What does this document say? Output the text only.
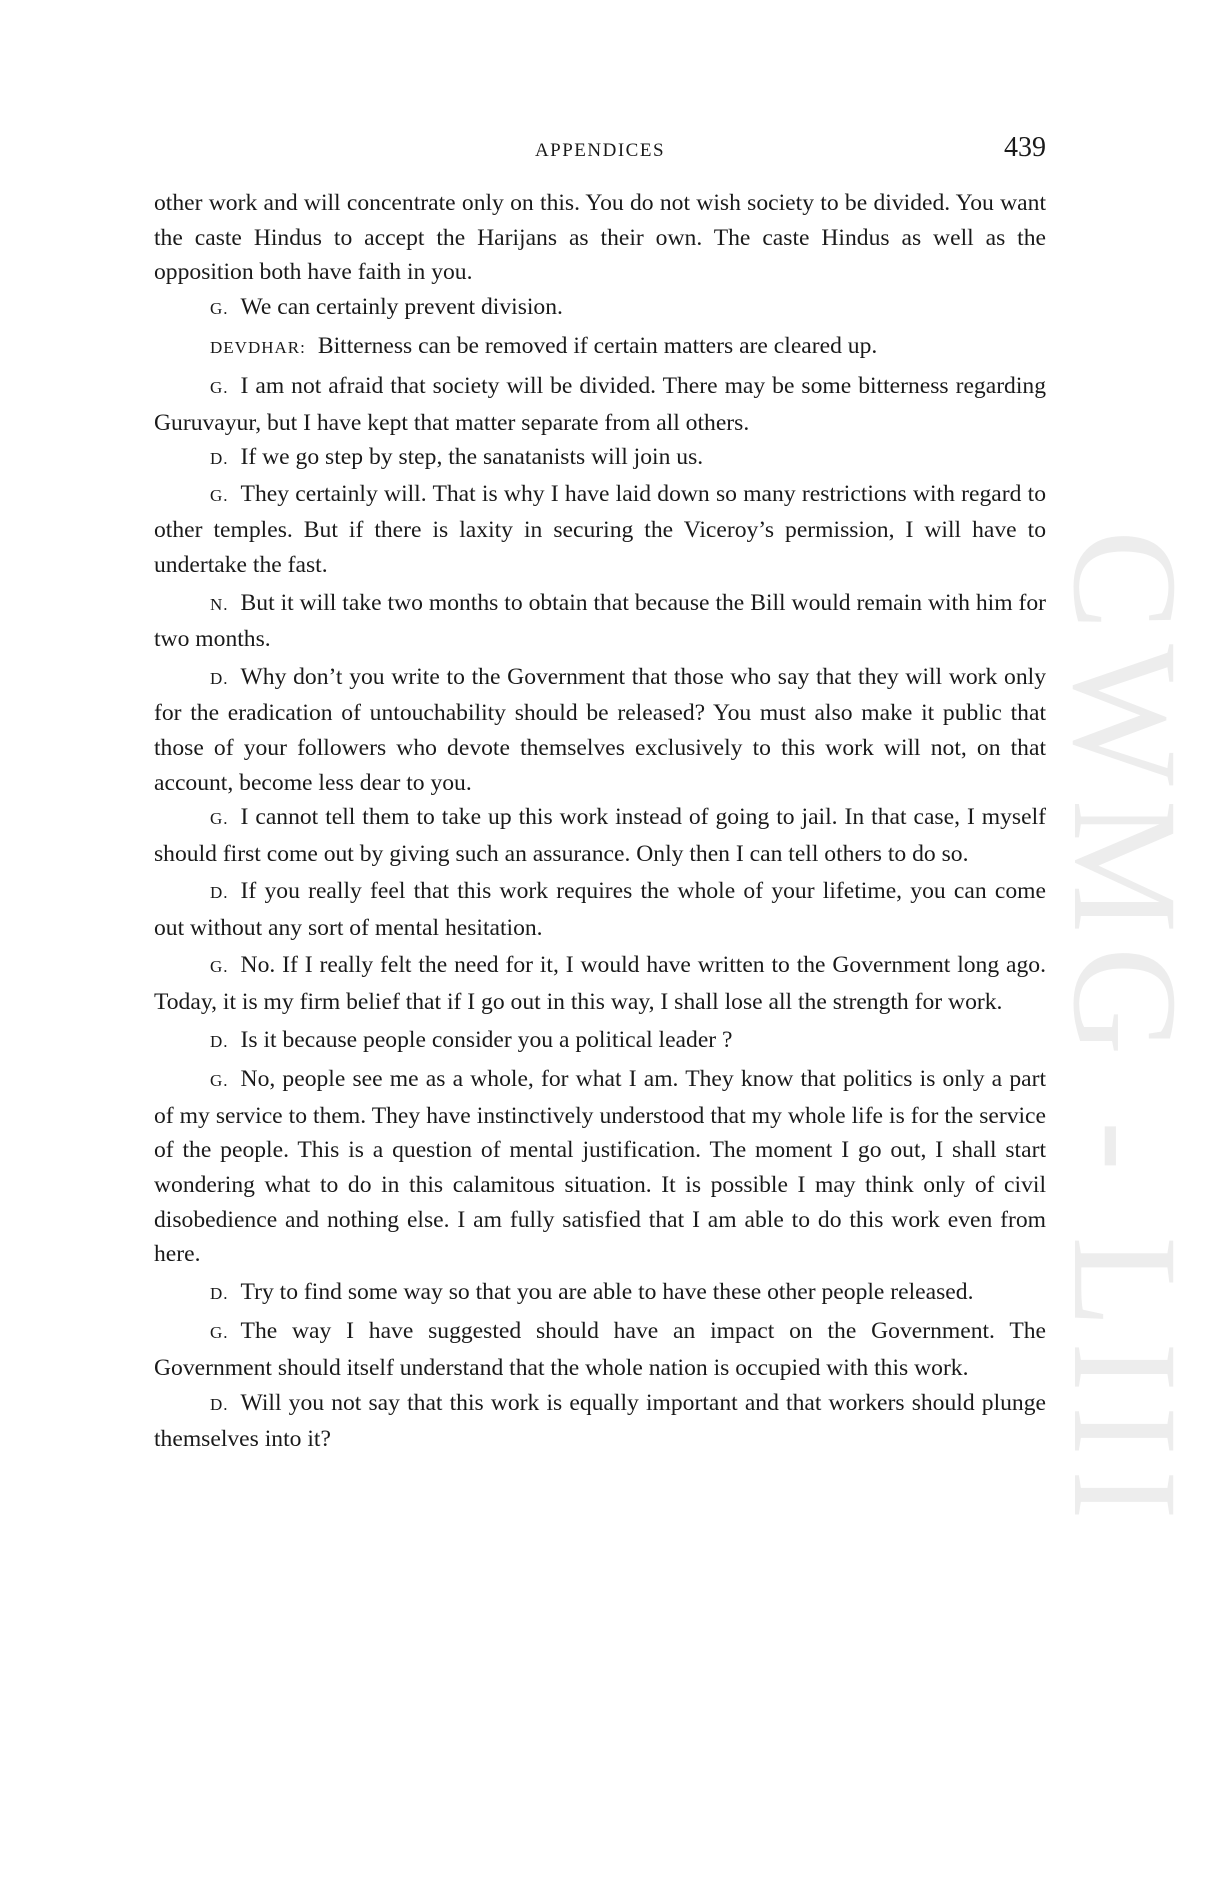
CWMG - LIII
APPENDICES	439

other work and will concentrate only on this. You do not wish society to be divided. You want the caste Hindus to accept the Harijans as their own. The caste Hindus as well as the opposition both have faith in you.

G. We can certainly prevent division.

DEVDHAR: Bitterness can be removed if certain matters are cleared up.

G. I am not afraid that society will be divided. There may be some bitterness regarding Guruvayur, but I have kept that matter separate from all others.

D. If we go step by step, the sanatanists will join us.

G. They certainly will. That is why I have laid down so many restrictions with regard to other temples. But if there is laxity in securing the Viceroy’s permission, I will have to undertake the fast.

N. But it will take two months to obtain that because the Bill would remain with him for two months.

D. Why don’t you write to the Government that those who say that they will work only for the eradication of untouchability should be released? You must also make it public that those of your followers who devote themselves exclusively to this work will not, on that account, become less dear to you.

G. I cannot tell them to take up this work instead of going to jail. In that case, I myself should first come out by giving such an assurance. Only then I can tell others to do so.

D. If you really feel that this work requires the whole of your lifetime, you can come out without any sort of mental hesitation.

G. No. If I really felt the need for it, I would have written to the Government long ago. Today, it is my firm belief that if I go out in this way, I shall lose all the strength for work.

D. Is it because people consider you a political leader ?

G. No, people see me as a whole, for what I am. They know that politics is only a part of my service to them. They have instinctively understood that my whole life is for the service of the people. This is a question of mental justification. The moment I go out, I shall start wondering what to do in this calamitous situation. It is possible I may think only of civil disobedience and nothing else. I am fully satisfied that I am able to do this work even from here.

D. Try to find some way so that you are able to have these other people released.

G. The way I have suggested should have an impact on the Government. The Government should itself understand that the whole nation is occupied with this work.

D. Will you not say that this work is equally important and that workers should plunge themselves into it?
